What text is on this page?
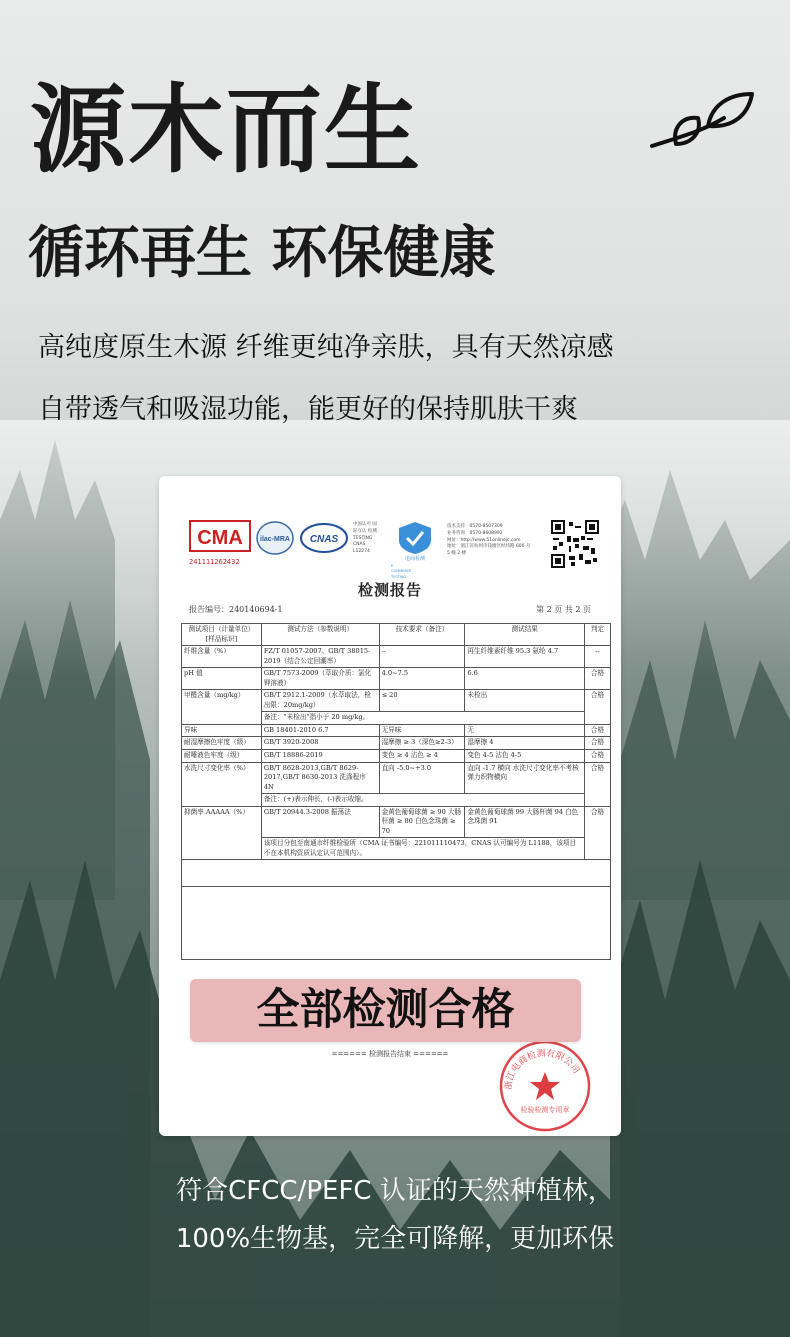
源木而生
循环再生 环保健康
高纯度原生木源 纤维更纯净亲肤，具有天然凉感
自带透气和吸湿功能，能更好的保持肌肤干爽
CMA
241111262432
ilac-MRA CNAS
中国认可 国际互认 检测 TESTING CNAS L12274
电商检测
E-COMMERCE TESTING
技术支持：0570-8507309
业务咨询：0570-8608992
网址：http://www.51onlinejc.com
地址：浙江省杭州市钱塘区经纬路 600 号
5 幢 2 楼
检测报告
报告编号：240140694-1	第 2 页 共 2 页
测试项目（计量单位）[样品标识]	测试方法（参数说明）	技术要求（备注）	测试结果	判定
纤维含量（%）	FZ/T 01057-2007、GB/T 38015-2019（结合公定回潮率）	--	再生纤维素纤维 95.3 氨纶 4.7	--
pH 值	GB/T 7573-2009（萃取介质：氯化钾溶液）	4.0~7.5	6.6	合格
甲醛含量（mg/kg）	GB/T 2912.1-2009（水萃取法，检出限：20mg/kg）	≤ 20	未检出	合格
	备注："未检出"指小于 20 mg/kg。			
异味	GB 18401-2010 6.7	无异味	无	合格
耐湿摩擦色牢度（级）	GB/T 3920-2008	湿摩擦 ≥ 3（深色≥2-3）	湿摩擦 4	合格
耐唾液色牢度（级）	GB/T 18886-2019	变色 ≥ 4 沾色 ≥ 4	变色 4-5 沾色 4-5	合格
水洗尺寸变化率（%）	GB/T 8628-2013,GB/T 8629-2017,GB/T 8630-2013 洗涤程序 4N	直向 -5.0~+3.0	直向 -1.7 横向 水洗尺寸变化率不考核弹力织物横向	合格
	备注：(+)表示伸长，(-)表示收缩。			
抑菌率 AAAAA（%）	GB/T 20944.3-2008 振荡法	金黄色葡萄球菌 ≥ 90 大肠杆菌 ≥ 80 白色念珠菌 ≥ 70	金黄色葡萄球菌 99 大肠杆菌 94 白色念珠菌 91	合格
	该项目分包至南通市纤维检验所（CMA 证书编号：221011110473，CNAS 认可编号为 L1188，该项目不在本机构资质认定认可范围内）。			

====== 检测报告结束 ======
浙江电商检测有限公司
检验检测专用章
全部检测合格
符合CFCC/PEFC 认证的天然种植林，
100%生物基，完全可降解，更加环保
